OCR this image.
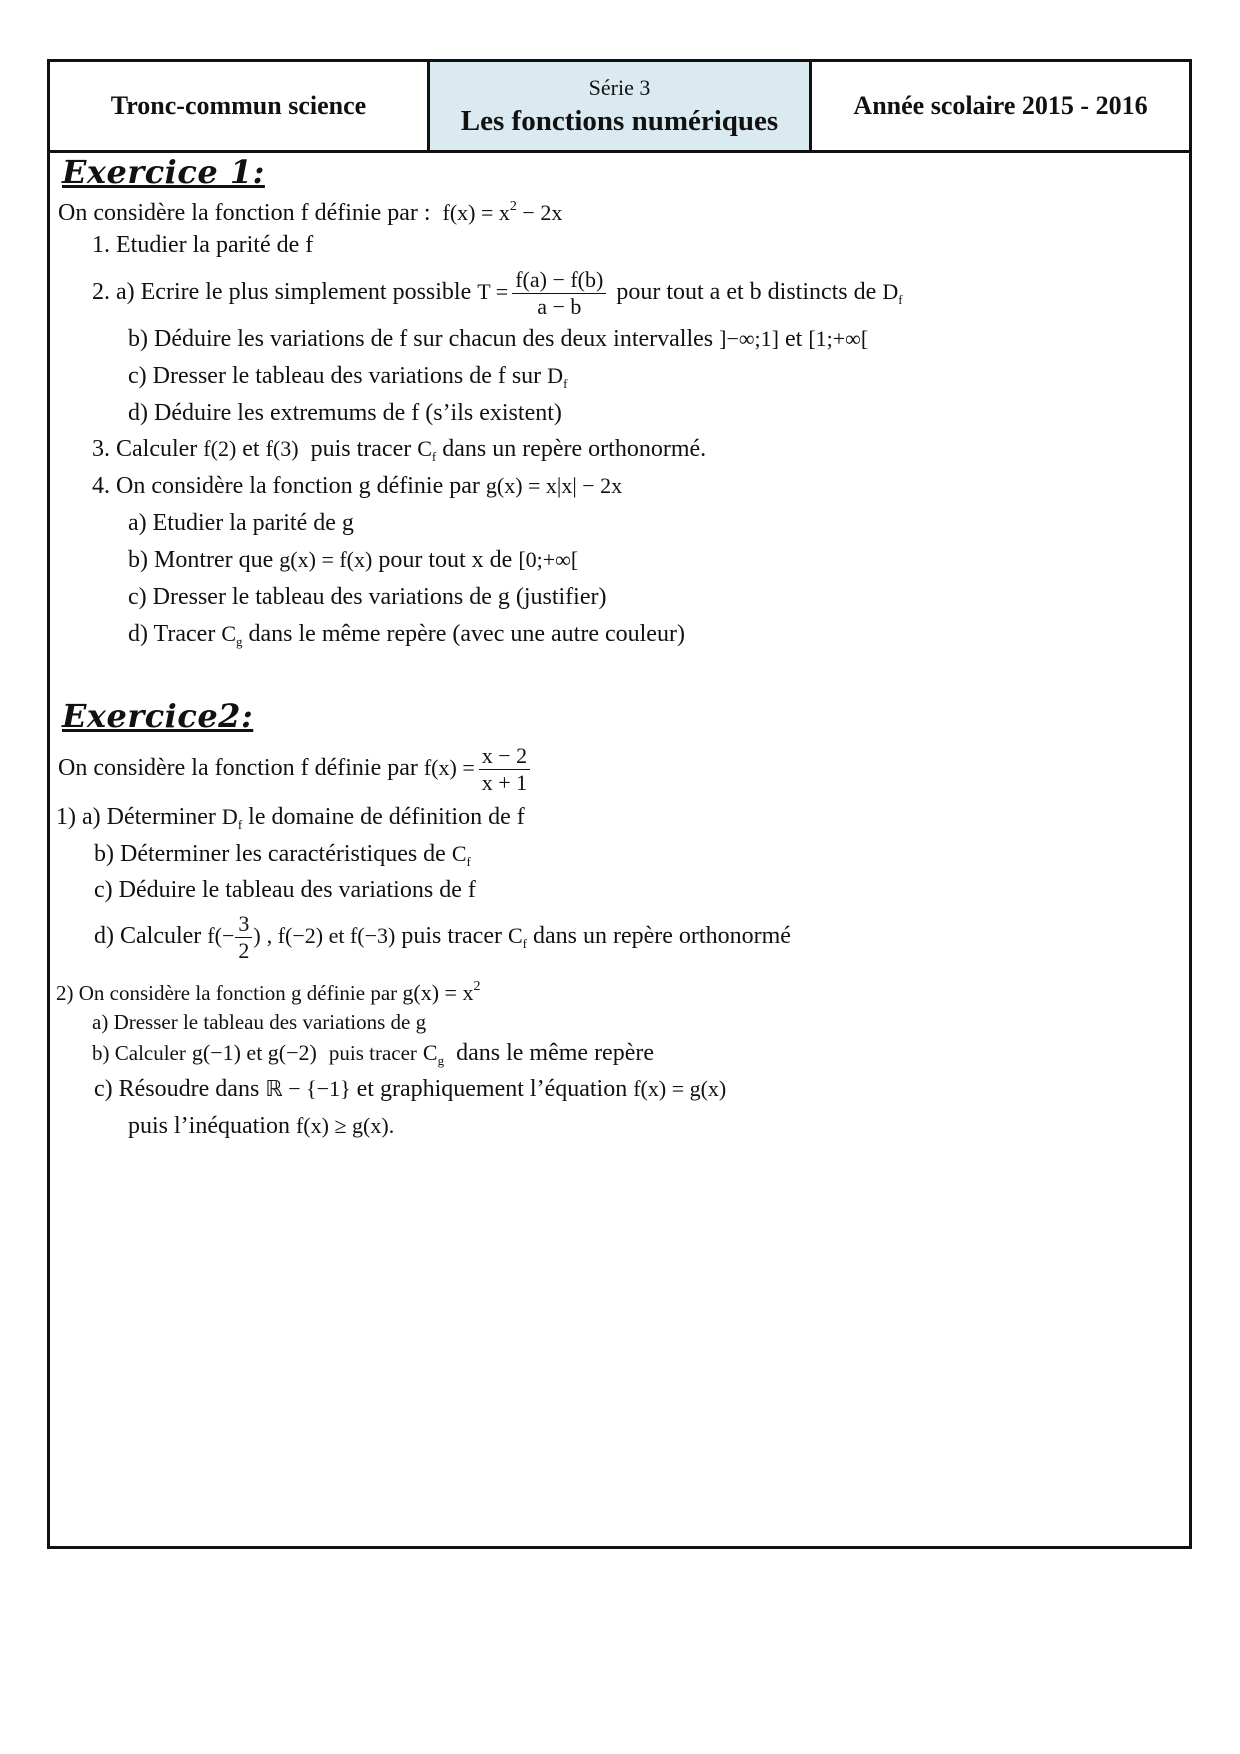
Tronc-commun science
Série 3
Les fonctions numériques	Année scolaire 2015 - 2016
Exercice 1:
On considère la fonction f définie par : $f(x) = x^2 - 2x$
1. Etudier la parité de f
2. a) Ecrire le plus simplement possible $T = \frac{f(a) - f(b)}{a - b}$ pour tout a et b distincts de $D_f$
b) Déduire les variations de f sur chacun des deux intervalles ]−∞;1] et [1;+∞[
c) Dresser le tableau des variations de f sur $D_f$
d) Déduire les extremums de f (s’ils existent)
3. Calculer f(2) et f(3) puis tracer $C_f$ dans un repère orthonormé.
4. On considère la fonction g définie par g(x) = x|x| − 2x
a) Etudier la parité de g
b) Montrer que g(x) = f(x) pour tout x de [0;+∞[
c) Dresser le tableau des variations de g (justifier)
d) Tracer $C_g$ dans le même repère (avec une autre couleur)
Exercice2:
On considère la fonction f définie par $f(x) = \frac{x - 2}{x + 1}$
1) a) Déterminer $D_f$ le domaine de définition de f
b) Déterminer les caractéristiques de $C_f$
c) Déduire le tableau des variations de f
d) Calculer $f(- \frac{3}{2}$ ) , f(−2) et f(−3) puis tracer $C_f$ dans un repère orthonormé
2) On considère la fonction g définie par $g(x) = x^2$
a) Dresser le tableau des variations de g
b) Calculer g(−1) et g(−2) puis tracer $C_g$ dans le même repère
c) Résoudre dans ℝ − {−1} et graphiquement l’équation f(x) = g(x)
puis l’inéquation f(x) ≥ g(x).
